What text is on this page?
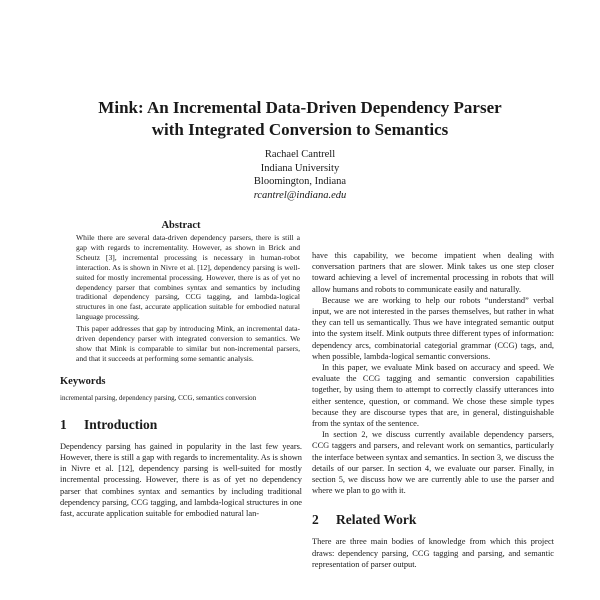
Mink: An Incremental Data-Driven Dependency Parser
with Integrated Conversion to Semantics
Rachael Cantrell
Indiana University
Bloomington, Indiana
rcantrel@indiana.edu
Abstract

While there are several data-driven dependency parsers, there is still a gap with regards to incrementality. However, as shown in Brick and Scheutz [3], incremental processing is necessary in human-robot interaction. As is shown in Nivre et al. [12], dependency parsing is well-suited for mostly incremental processing. However, there is as of yet no dependency parser that combines syntax and semantics by including traditional dependency parsing, CCG tagging, and lambda-logical structures in one fast, accurate application suitable for embodied natural language processing.

This paper addresses that gap by introducing Mink, an incremental data-driven dependency parser with integrated conversion to semantics. We show that Mink is comparable to similar but non-incremental parsers, and that it succeeds at performing some semantic analysis.

Keywords
incremental parsing, dependency parsing, CCG, semantics conversion
1 Introduction

Dependency parsing has gained in popularity in the last few years. However, there is still a gap with regards to incrementality. As is shown in Nivre et al. [12], dependency parsing is well-suited for mostly incremental processing. However, there is as of yet no dependency parser that combines syntax and semantics by including traditional dependency parsing, CCG tagging, and lambda-logical structures in one fast, accurate application suitable for embodied natural lan-

have this capability, we become impatient when dealing with conversation partners that are slower. Mink takes us one step closer toward achieving a level of incremental processing in robots that will allow humans and robots to communicate easily and naturally.

Because we are working to help our robots “understand” verbal input, we are not interested in the parses themselves, but rather in what they can tell us semantically. Thus we have integrated semantic output into the system itself. Mink outputs three different types of information: dependency arcs, combinatorial categorial grammar (CCG) tags, and, when possible, lambda-logical semantic conversions.

In this paper, we evaluate Mink based on accuracy and speed. We evaluate the CCG tagging and semantic conversion capabilities together, by using them to attempt to correctly classify utterances into either sentence, question, or command. We chose these simple types because they are discourse types that are, in general, distinguishable from the syntax of the sentence.

In section 2, we discuss currently available dependency parsers, CCG taggers and parsers, and relevant work on semantics, particularly the interface between syntax and semantics. In section 3, we discuss the details of our parser. In section 4, we evaluate our parser. Finally, in section 5, we discuss how we are currently able to use the parser and where we plan to go with it.

2 Related Work

There are three main bodies of knowledge from which this project draws: dependency parsing, CCG tagging and parsing, and semantic representation of parser output.
